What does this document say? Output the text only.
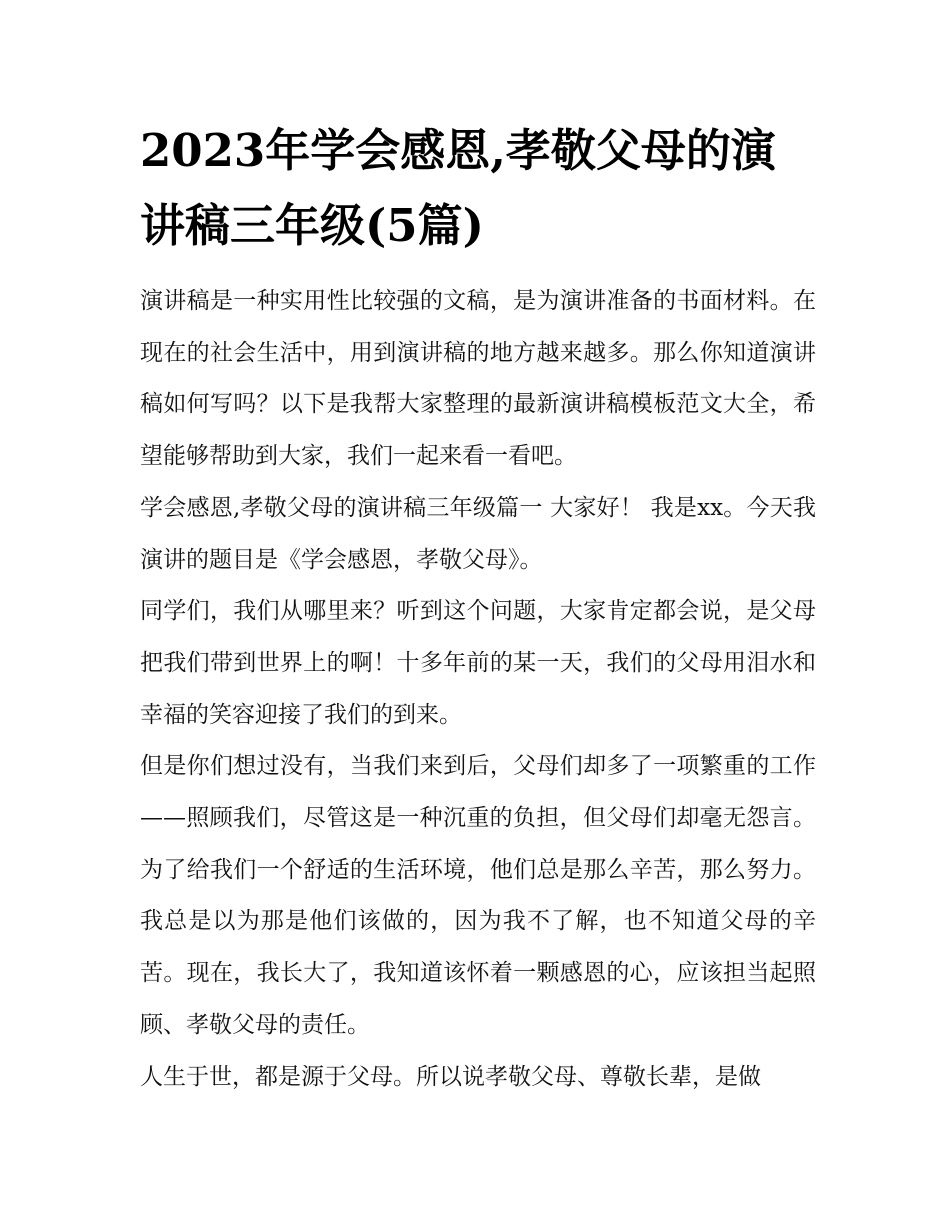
2023年学会感恩,孝敬父母的演讲稿三年级(5篇)

演讲稿是一种实用性比较强的文稿，是为演讲准备的书面材料。在现在的社会生活中，用到演讲稿的地方越来越多。那么你知道演讲稿如何写吗？以下是我帮大家整理的最新演讲稿模板范文大全，希望能够帮助到大家，我们一起来看一看吧。

学会感恩,孝敬父母的演讲稿三年级篇一 大家好！ 我是xx。今天我演讲的题目是《学会感恩，孝敬父母》。

同学们，我们从哪里来？听到这个问题，大家肯定都会说，是父母把我们带到世界上的啊！十多年前的某一天，我们的父母用泪水和幸福的笑容迎接了我们的到来。

但是你们想过没有，当我们来到后，父母们却多了一项繁重的工作——照顾我们，尽管这是一种沉重的负担，但父母们却毫无怨言。为了给我们一个舒适的生活环境，他们总是那么辛苦，那么努力。我总是以为那是他们该做的，因为我不了解，也不知道父母的辛苦。现在，我长大了，我知道该怀着一颗感恩的心，应该担当起照顾、孝敬父母的责任。

人生于世，都是源于父母。所以说孝敬父母、尊敬长辈，是做
